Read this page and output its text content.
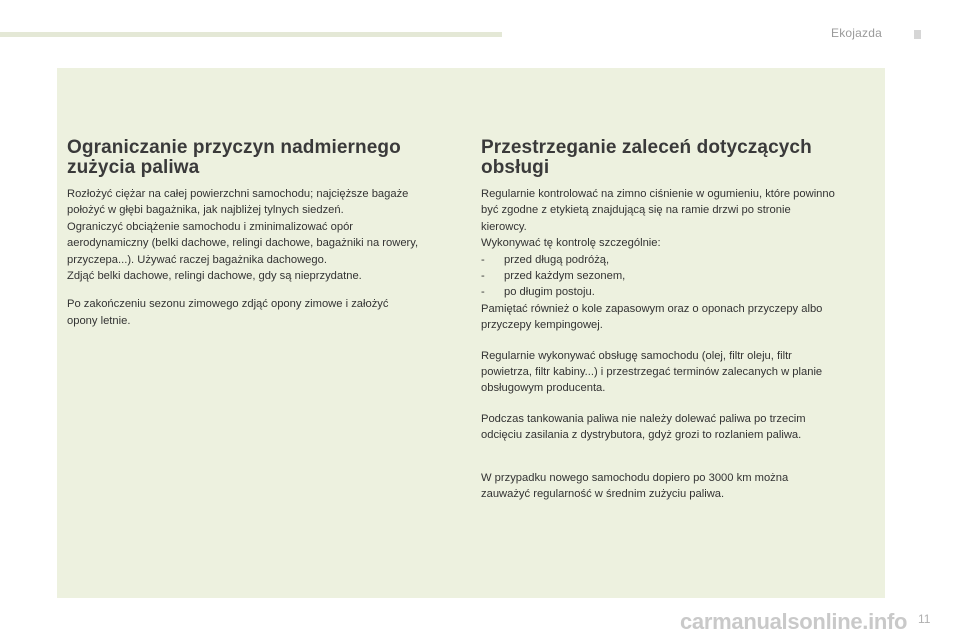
Ekojazda
Ograniczanie przyczyn nadmiernego
zużycia paliwa

Rozłożyć ciężar na całej powierzchni samochodu; najcięższe bagaże
położyć w głębi bagażnika, jak najbliżej tylnych siedzeń.
Ograniczyć obciążenie samochodu i zminimalizować opór
aerodynamiczny (belki dachowe, relingi dachowe, bagażniki na rowery,
przyczepa...). Używać raczej bagażnika dachowego.
Zdjąć belki dachowe, relingi dachowe, gdy są nieprzydatne.

Po zakończeniu sezonu zimowego zdjąć opony zimowe i założyć
opony letnie.

Przestrzeganie zaleceń dotyczących
obsługi

Regularnie kontrolować na zimno ciśnienie w ogumieniu, które powinno
być zgodne z etykietą znajdującą się na ramie drzwi po stronie
kierowcy.
Wykonywać tę kontrolę szczególnie:

-	przed długą podróżą,
-	przed każdym sezonem,
-	po długim postoju.

Pamiętać również o kole zapasowym oraz o oponach przyczepy albo
przyczepy kempingowej.

Regularnie wykonywać obsługę samochodu (olej, filtr oleju, filtr
powietrza, filtr kabiny...) i przestrzegać terminów zalecanych w planie
obsługowym producenta.

Podczas tankowania paliwa nie należy dolewać paliwa po trzecim
odcięciu zasilania z dystrybutora, gdyż grozi to rozlaniem paliwa.

W przypadku nowego samochodu dopiero po 3000 km można
zauważyć regularność w średnim zużyciu paliwa.

carmanualsonline.info 11
